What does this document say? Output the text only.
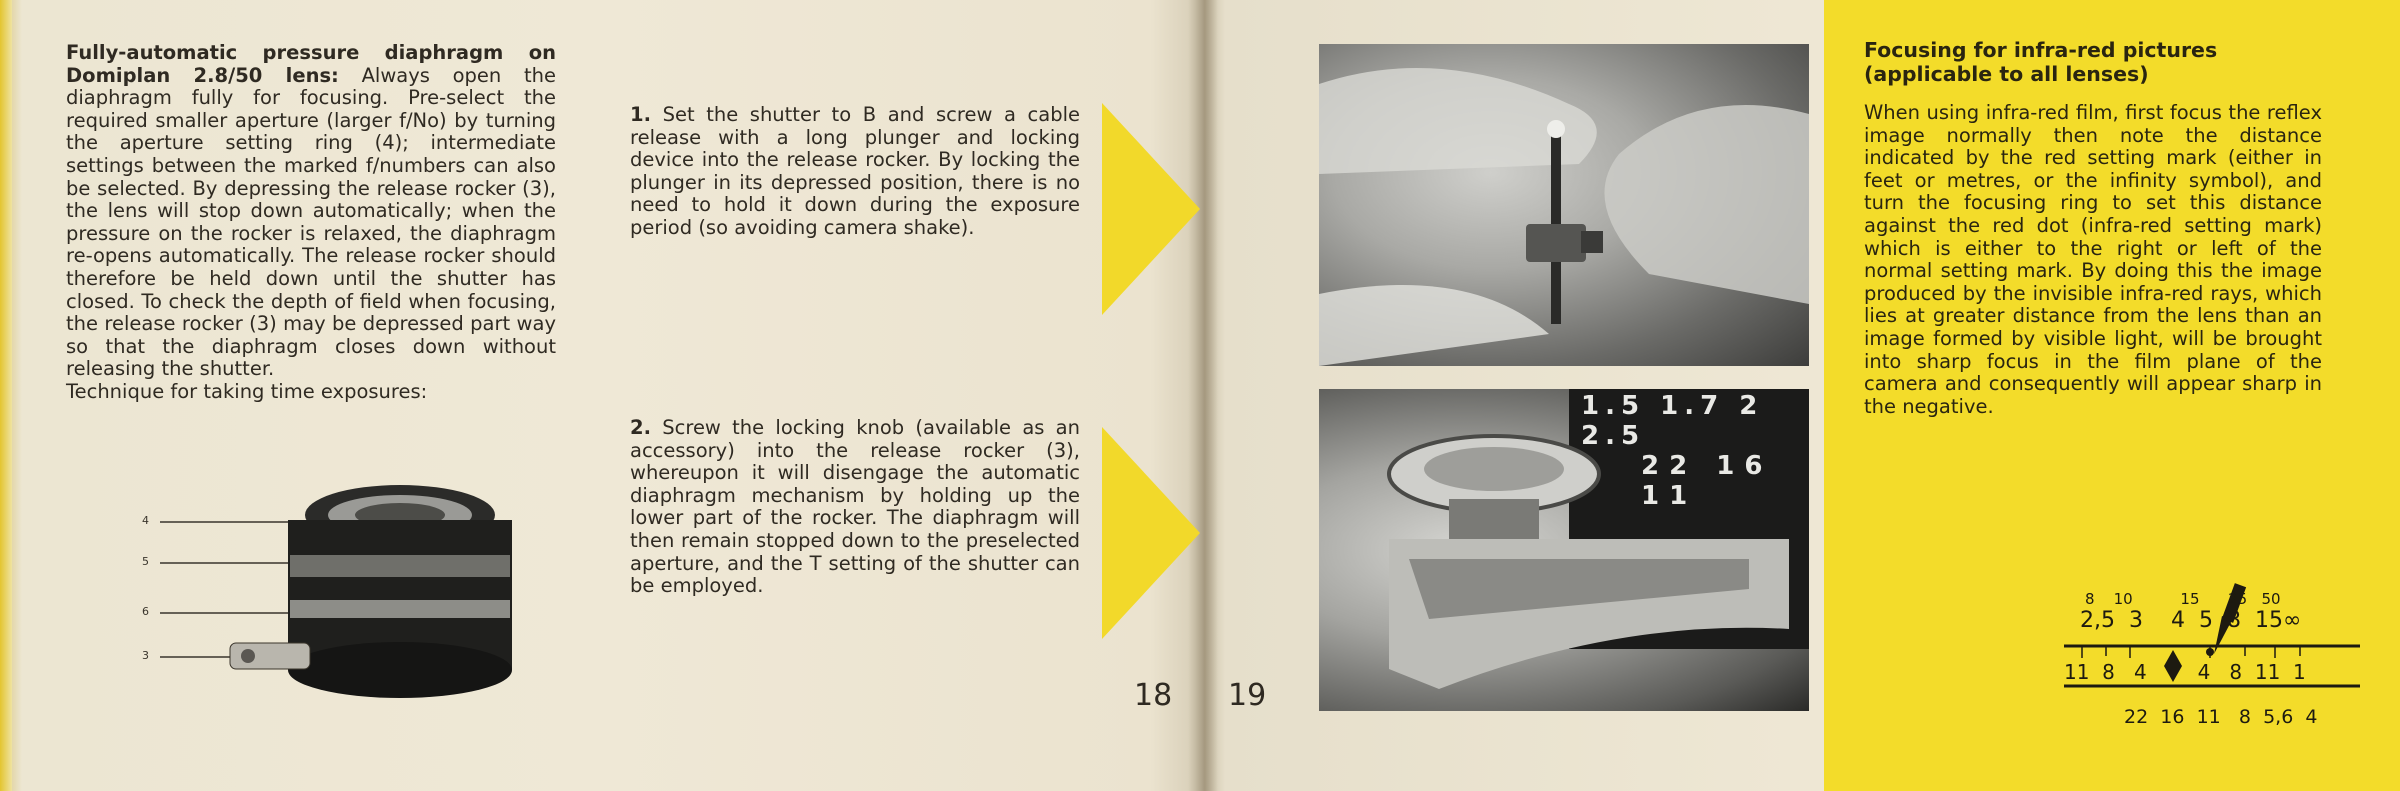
Fully-automatic pressure diaphragm on Domiplan 2.8/50 lens: Always open the diaphragm fully for focusing. Pre-select the required smaller aperture (larger f/No) by turning the aperture setting ring (4); intermediate settings between the marked f/numbers can also be selected. By depressing the release rocker (3), the lens will stop down automatically; when the pressure on the rocker is relaxed, the diaphragm re-opens automatically. The release rocker should therefore be held down until the shutter has closed. To check the depth of field when focusing, the release rocker (3) may be depressed part way so that the diaphragm closes down without releasing the shutter.

Technique for taking time exposures:
4
5
6
3
1. Set the shutter to B and screw a cable release with a long plunger and locking device into the release rocker. By locking the plunger in its depressed position, there is no need to hold it down during the exposure period (so avoiding camera shake).
2. Screw the locking knob (available as an accessory) into the release rocker (3), whereupon it will disengage the automatic diaphragm mechanism by holding up the lower part of the rocker. The diaphragm will then remain stopped down to the preselected aperture, and the T setting of the shutter can be employed.
18 19
1.5 1.7 2 2.5
22 16 11
Focusing for infra-red pictures
(applicable to all lenses)
When using infra-red film, first focus the reflex image normally then note the distance indicated by the red setting mark (either in feet or metres, or the infinity symbol), and turn the focusing ring to set this distance against the red dot (infra-red setting mark) which is either to the right or left of the normal setting mark. By doing this the image produced by the invisible infra-red rays, which lies at greater distance from the lens than an image formed by visible light, will be brought into sharp focus in the film plane of the camera and consequently will appear sharp in the negative.
8 10	15 25 50
2,5 3 4 5 8 15∞
11 8 4	4 8 11 1
22 16 11 8 5,6 4
